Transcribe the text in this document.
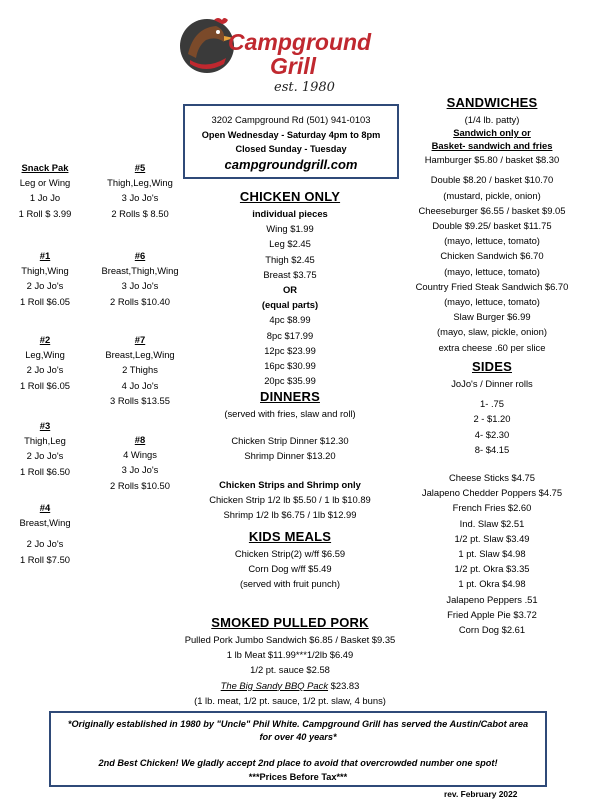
Campground
Grill
est. 1980
3202 Campground Rd (501) 941-0103
Open Wednesday - Saturday 4pm to 8pm
Closed Sunday - Tuesday
campgroundgrill.com
Snack Pak
Leg or Wing
1 Jo Jo
1 Roll $ 3.99
#5
Thigh,Leg,Wing
3 Jo Jo's
2 Rolls $ 8.50
#1
Thigh,Wing
2 Jo Jo's
1 Roll $6.05
#6
Breast,Thigh,Wing
3 Jo Jo's
2 Rolls $10.40
#2
Leg,Wing
2 Jo Jo's
1 Roll $6.05
#7
Breast,Leg,Wing
2 Thighs
4 Jo Jo's
3 Rolls $13.55
#3
Thigh,Leg
2 Jo Jo's
1 Roll $6.50
#8
4 Wings
3 Jo Jo's
2 Rolls $10.50
#4
Breast,Wing
2 Jo Jo's
1 Roll $7.50
CHICKEN ONLY
individual pieces
Wing $1.99
Leg $2.45
Thigh $2.45
Breast $3.75
OR
(equal parts)
4pc $8.99
8pc $17.99
12pc $23.99
16pc $30.99
20pc $35.99
DINNERS
(served with fries, slaw and roll)
Chicken Strip Dinner $12.30
Shrimp Dinner $13.20
Chicken Strips and Shrimp only
Chicken Strip 1/2 lb $5.50 / 1 lb $10.89
Shrimp 1/2 lb $6.75 / 1lb $12.99
KIDS MEALS
Chicken Strip(2) w/ff $6.59
Corn Dog w/ff $5.49
(served with fruit punch)
SMOKED PULLED PORK
Pulled Pork Jumbo Sandwich $6.85 / Basket $9.35
1 lb Meat $11.99***1/2lb $6.49
1/2 pt. sauce $2.58
The Big Sandy BBQ Pack $23.83
(1 lb. meat, 1/2 pt. sauce, 1/2 pt. slaw, 4 buns)
SANDWICHES
(1/4 lb. patty)
Sandwich only or
Basket- sandwich and fries
Hamburger $5.80 / basket $8.30
Double $8.20 / basket $10.70
(mustard, pickle, onion)
Cheeseburger $6.55 / basket $9.05
Double $9.25/ basket $11.75
(mayo, lettuce, tomato)
Chicken Sandwich $6.70
(mayo, lettuce, tomato)
Country Fried Steak Sandwich $6.70
(mayo, lettuce, tomato)
Slaw Burger $6.99
(mayo, slaw, pickle, onion)
extra cheese .60 per slice
SIDES
JoJo's / Dinner rolls
1- .75
2 - $1.20
4- $2.30
8- $4.15
Cheese Sticks $4.75
Jalapeno Chedder Poppers $4.75
French Fries $2.60
Ind. Slaw $2.51
1/2 pt. Slaw $3.49
1 pt. Slaw $4.98
1/2 pt. Okra $3.35
1 pt. Okra $4.98
Jalapeno Peppers .51
Fried Apple Pie $3.72
Corn Dog $2.61
*Originally established in 1980 by "Uncle" Phil White. Campground Grill has served the Austin/Cabot area for over 40 years*
2nd Best Chicken! We gladly accept 2nd place to avoid that overcrowded number one spot!
***Prices Before Tax***
rev. February 2022
